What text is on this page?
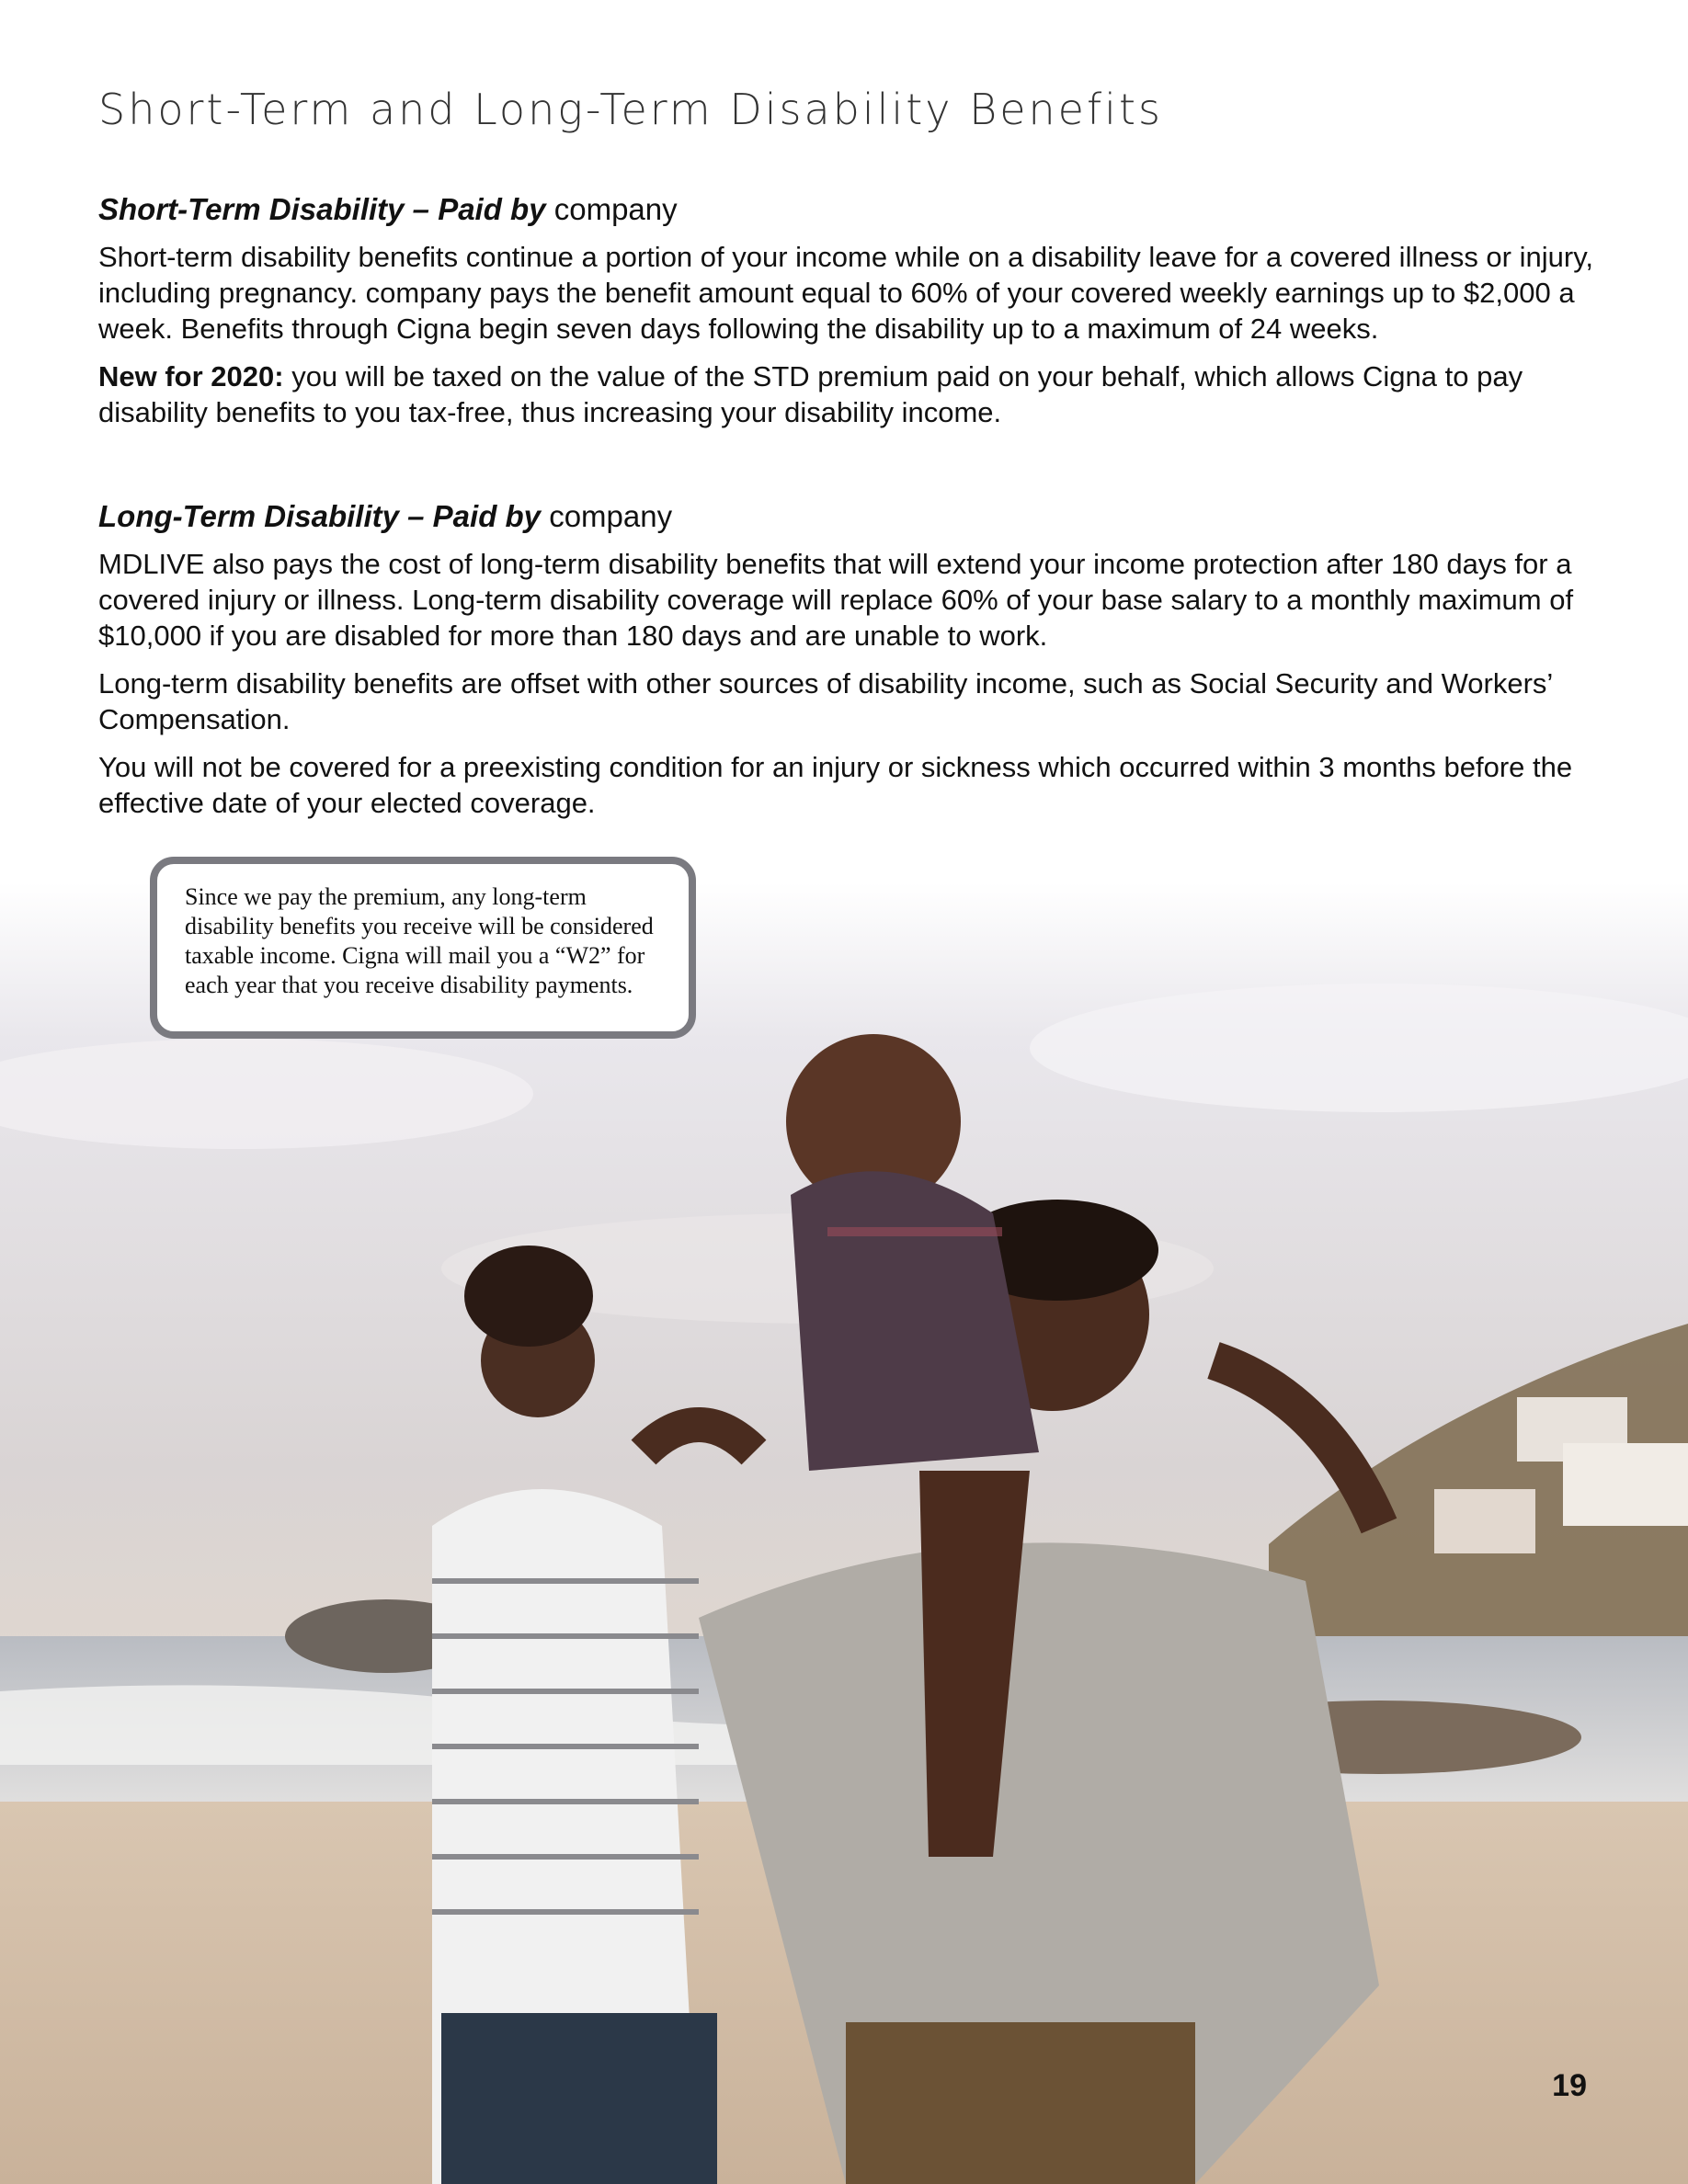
Short-Term and Long-Term Disability Benefits
Short-Term Disability – Paid by company

Short-term disability benefits continue a portion of your income while on a disability leave for a covered illness or injury, including pregnancy. company pays the benefit amount equal to 60% of your covered weekly earnings up to $2,000 a week. Benefits through Cigna begin seven days following the disability up to a maximum of 24 weeks.

New for 2020: you will be taxed on the value of the STD premium paid on your behalf, which allows Cigna to pay disability benefits to you tax-free, thus increasing your disability income.

Long-Term Disability – Paid by company

MDLIVE also pays the cost of long-term disability benefits that will extend your income protection after 180 days for a covered injury or illness. Long-term disability coverage will replace 60% of your base salary to a monthly maximum of $10,000 if you are disabled for more than 180 days and are unable to work.

Long-term disability benefits are offset with other sources of disability income, such as Social Security and Workers’ Compensation.

You will not be covered for a preexisting condition for an injury or sickness which occurred within 3 months before the effective date of your elected coverage.

Since we pay the premium, any long-term disability benefits you receive will be considered taxable income. Cigna will mail you a “W2” for each year that you receive disability payments.
19
